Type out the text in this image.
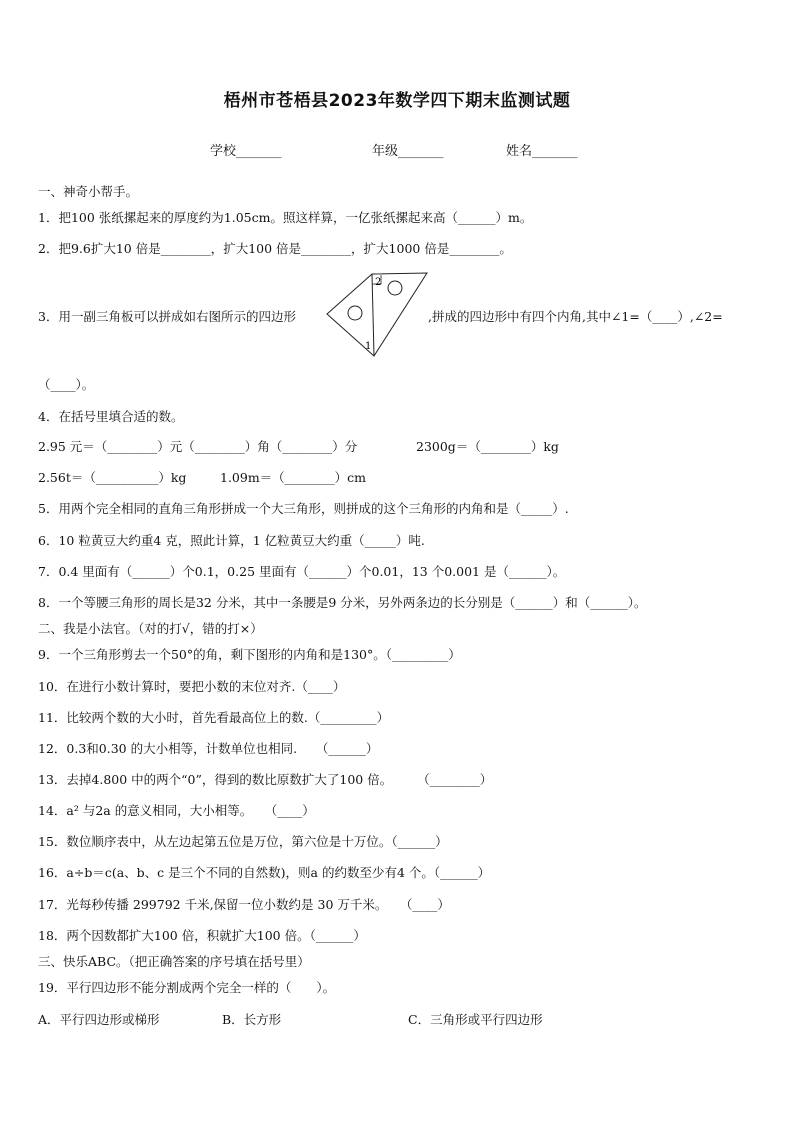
梧州市苍梧县2023年数学四下期末监测试题
学校_______	年级_______	姓名_______
一、神奇小帮手。
1．把100 张纸摞起来的厚度约为1.05cm。照这样算，一亿张纸摞起来高（______）m。
2．把9.6扩大10 倍是________，扩大100 倍是________，扩大1000 倍是________。
3．用一副三角板可以拼成如右图所示的四边形	,拼成的四边形中有四个内角,其中∠1=（____）,∠2=
2
1
（____）。
4．在括号里填合适的数。
2.95 元＝（________）元（________）角（________）分	2300g＝（________）kg
2.56t＝（__________）kg	1.09m＝（________）cm
5．用两个完全相同的直角三角形拼成一个大三角形，则拼成的这个三角形的内角和是（_____）.
6．10 粒黄豆大约重4 克，照此计算，1 亿粒黄豆大约重（_____）吨.
7．0.4 里面有（______）个0.1，0.25 里面有（______）个0.01，13 个0.001 是（______）。
8．一个等腰三角形的周长是32 分米，其中一条腰是9 分米，另外两条边的长分别是（______）和（______）。
二、我是小法官。（对的打√，错的打×）
9．一个三角形剪去一个50°的角，剩下图形的内角和是130°。（_________）
10．在进行小数计算时，要把小数的末位对齐.（____）
11．比较两个数的大小时，首先看最高位上的数.（_________）
12．0.3和0.30 的大小相等，计数单位也相同.　　（______）
13．去掉4.800 中的两个“0”，得到的数比原数扩大了100 倍。　　　（________）
14．a² 与2a 的意义相同，大小相等。　　（____）
15．数位顺序表中，从左边起第五位是万位，第六位是十万位。（______）
16．a÷b＝c(a、b、c 是三个不同的自然数)，则a 的约数至少有4 个。（______）
17．光每秒传播 299792 千米,保留一位小数约是 30 万千米。　　（____）
18．两个因数都扩大100 倍，积就扩大100 倍。（______）
三、快乐ABC。（把正确答案的序号填在括号里）
19．平行四边形不能分割成两个完全一样的（　　）。
A．平行四边形或梯形	B．长方形	C．三角形或平行四边形
